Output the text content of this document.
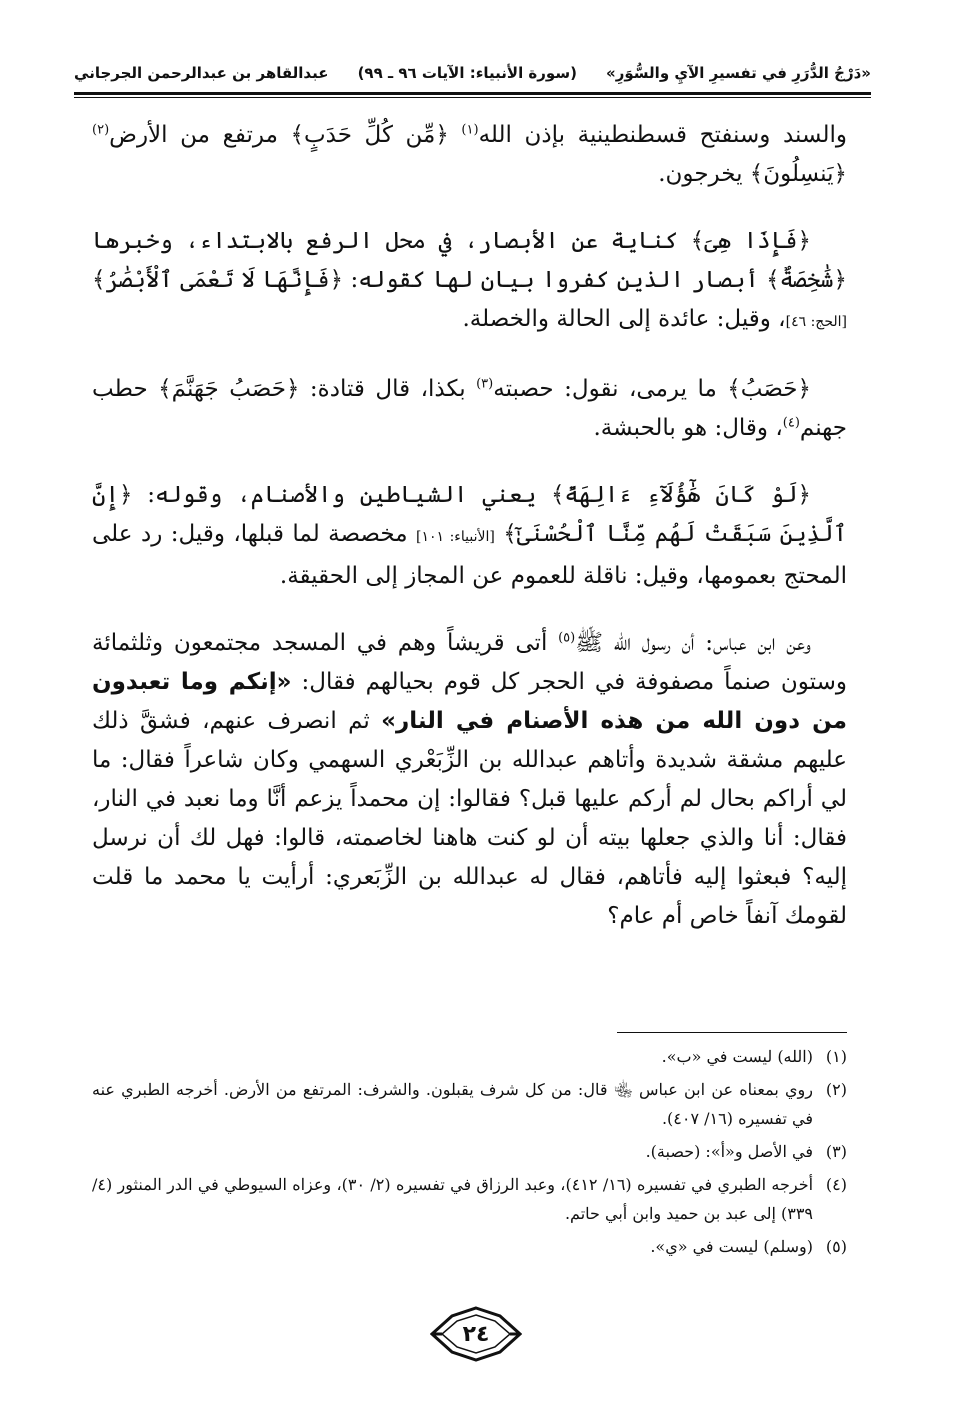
«دَرْجُ الدُّرَرِ في تفسيرِ الآيِ والسُّوَرِ»
(سورة الأنبياء: الآيات ٩٦ ـ ٩٩)
عبدالقاهر بن عبدالرحمن الجرجاني

والسند وسنفتح قسطنطينية بإذن الله$^{(١)}$ ﴿مِّن كُلِّ حَدَبٍ﴾ مرتفع من الأرض$^{(٢)}$ ﴿يَنسِلُونَ﴾ يخرجون.

﴿فَإِذَا هِىَ﴾ كناية عن الأبصار، في محل الرفع بالابتداء، وخبرها ﴿شَٰخِصَةٌ﴾ أبصار الذين كفروا بيان لها كقوله: ﴿فَإِنَّهَا لَا تَعْمَى ٱلْأَبْصَٰرُ﴾ [الحج: ٤٦]، وقيل: عائدة إلى الحالة والخصلة.

﴿حَصَبُ﴾ ما يرمى، نقول: حصبته$^{(٣)}$ بكذا، قال قتادة: ﴿حَصَبُ جَهَنَّمَ﴾ حطب جهنم$^{(٤)}$، وقال: هو بالحبشة.

﴿لَوْ كَانَ هَٰٓؤُلَآءِ ءَالِهَةً﴾ يعني الشياطين والأصنام، وقوله: ﴿إِنَّ ٱلَّذِينَ سَبَقَتْ لَهُم مِّنَّا ٱلْحُسْنَىٰٓ﴾ [الأنبياء: ١٠١] مخصصة لما قبلها، وقيل: رد على المحتج بعمومها، وقيل: ناقلة للعموم عن المجاز إلى الحقيقة.

وعن ابن عباس: أن رسول الله ﷺ$^{(٥)}$ أتى قريشاً وهم في المسجد مجتمعون وثلثمائة وستون صنماً مصفوفة في الحجر كل قوم بحيالهم فقال: «إنكم وما تعبدون من دون الله من هذه الأصنام في النار» ثم انصرف عنهم، فشقَّ ذلك عليهم مشقة شديدة وأتاهم عبدالله بن الزِّبَعْري السهمي وكان شاعراً فقال: ما لي أراكم بحال لم أركم عليها قبل؟ فقالوا: إن محمداً يزعم أنَّا وما نعبد في النار، فقال: أنا والذي جعلها بيته أن لو كنت هاهنا لخاصمته، قالوا: فهل لك أن نرسل إليه؟ فبعثوا إليه فأتاهم، فقال له عبدالله بن الزِّبَعري: أرأيت يا محمد ما قلت لقومك آنفاً خاص أم عام؟

(١)
(الله) ليست في «ب».
(٢)
روي بمعناه عن ابن عباس ﵄ قال: من كل شرف يقبلون. والشرف: المرتفع من الأرض. أخرجه الطبري عنه في تفسيره (١٦/ ٤٠٧).
(٣)
في الأصل و«أ»: (حصبة).
(٤)
أخرجه الطبري في تفسيره (١٦/ ٤١٢)، وعبد الرزاق في تفسيره (٢/ ٣٠)، وعزاه السيوطي في الدر المنثور (٤/ ٣٣٩) إلى عبد بن حميد وابن أبي حاتم.
(٥)
(وسلم) ليست في «ي».
٢٤
